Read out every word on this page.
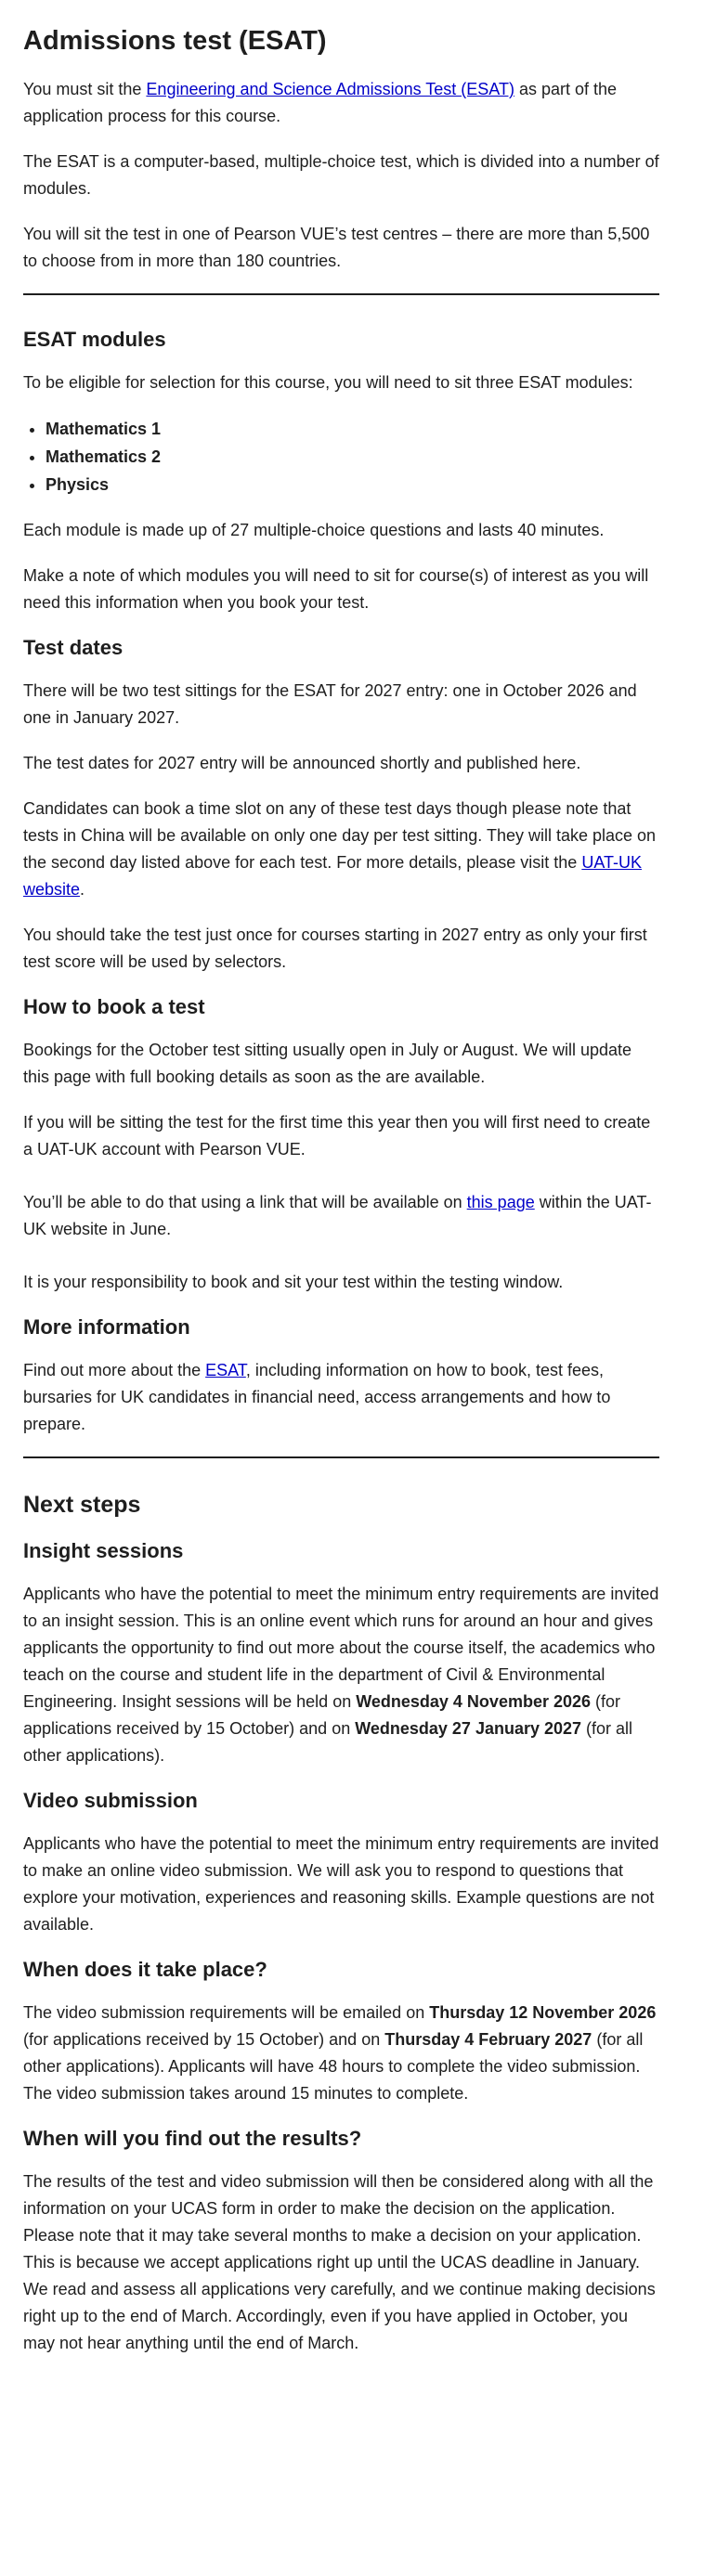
Admissions test (ESAT)

You must sit the Engineering and Science Admissions Test (ESAT) as part of the application process for this course.

The ESAT is a computer-based, multiple-choice test, which is divided into a number of modules.

You will sit the test in one of Pearson VUE’s test centres – there are more than 5,500 to choose from in more than 180 countries.

ESAT modules

To be eligible for selection for this course, you will need to sit three ESAT modules:

• Mathematics 1
• Mathematics 2
• Physics

Each module is made up of 27 multiple-choice questions and lasts 40 minutes.

Make a note of which modules you will need to sit for course(s) of interest as you will need this information when you book your test.

Test dates

There will be two test sittings for the ESAT for 2027 entry: one in October 2026 and one in January 2027.

The test dates for 2027 entry will be announced shortly and published here.

Candidates can book a time slot on any of these test days though please note that tests in China will be available on only one day per test sitting. They will take place on the second day listed above for each test. For more details, please visit the UAT-UK website.

You should take the test just once for courses starting in 2027 entry as only your first test score will be used by selectors.

How to book a test

Bookings for the October test sitting usually open in July or August. We will update this page with full booking details as soon as the are available.

If you will be sitting the test for the first time this year then you will first need to create a UAT-UK account with Pearson VUE.

You’ll be able to do that using a link that will be available on this page within the UAT-UK website in June.

It is your responsibility to book and sit your test within the testing window.

More information

Find out more about the ESAT, including information on how to book, test fees, bursaries for UK candidates in financial need, access arrangements and how to prepare.

Next steps
Insight sessions

Applicants who have the potential to meet the minimum entry requirements are invited to an insight session. This is an online event which runs for around an hour and gives applicants the opportunity to find out more about the course itself, the academics who teach on the course and student life in the department of Civil & Environmental Engineering. Insight sessions will be held on Wednesday 4 November 2026 (for applications received by 15 October) and on Wednesday 27 January 2027 (for all other applications).

Video submission

Applicants who have the potential to meet the minimum entry requirements are invited to make an online video submission. We will ask you to respond to questions that explore your motivation, experiences and reasoning skills. Example questions are not available.

When does it take place?

The video submission requirements will be emailed on Thursday 12 November 2026 (for applications received by 15 October) and on Thursday 4 February 2027 (for all other applications). Applicants will have 48 hours to complete the video submission. The video submission takes around 15 minutes to complete.

When will you find out the results?

The results of the test and video submission will then be considered along with all the information on your UCAS form in order to make the decision on the application. Please note that it may take several months to make a decision on your application. This is because we accept applications right up until the UCAS deadline in January. We read and assess all applications very carefully, and we continue making decisions right up to the end of March. Accordingly, even if you have applied in October, you may not hear anything until the end of March.
